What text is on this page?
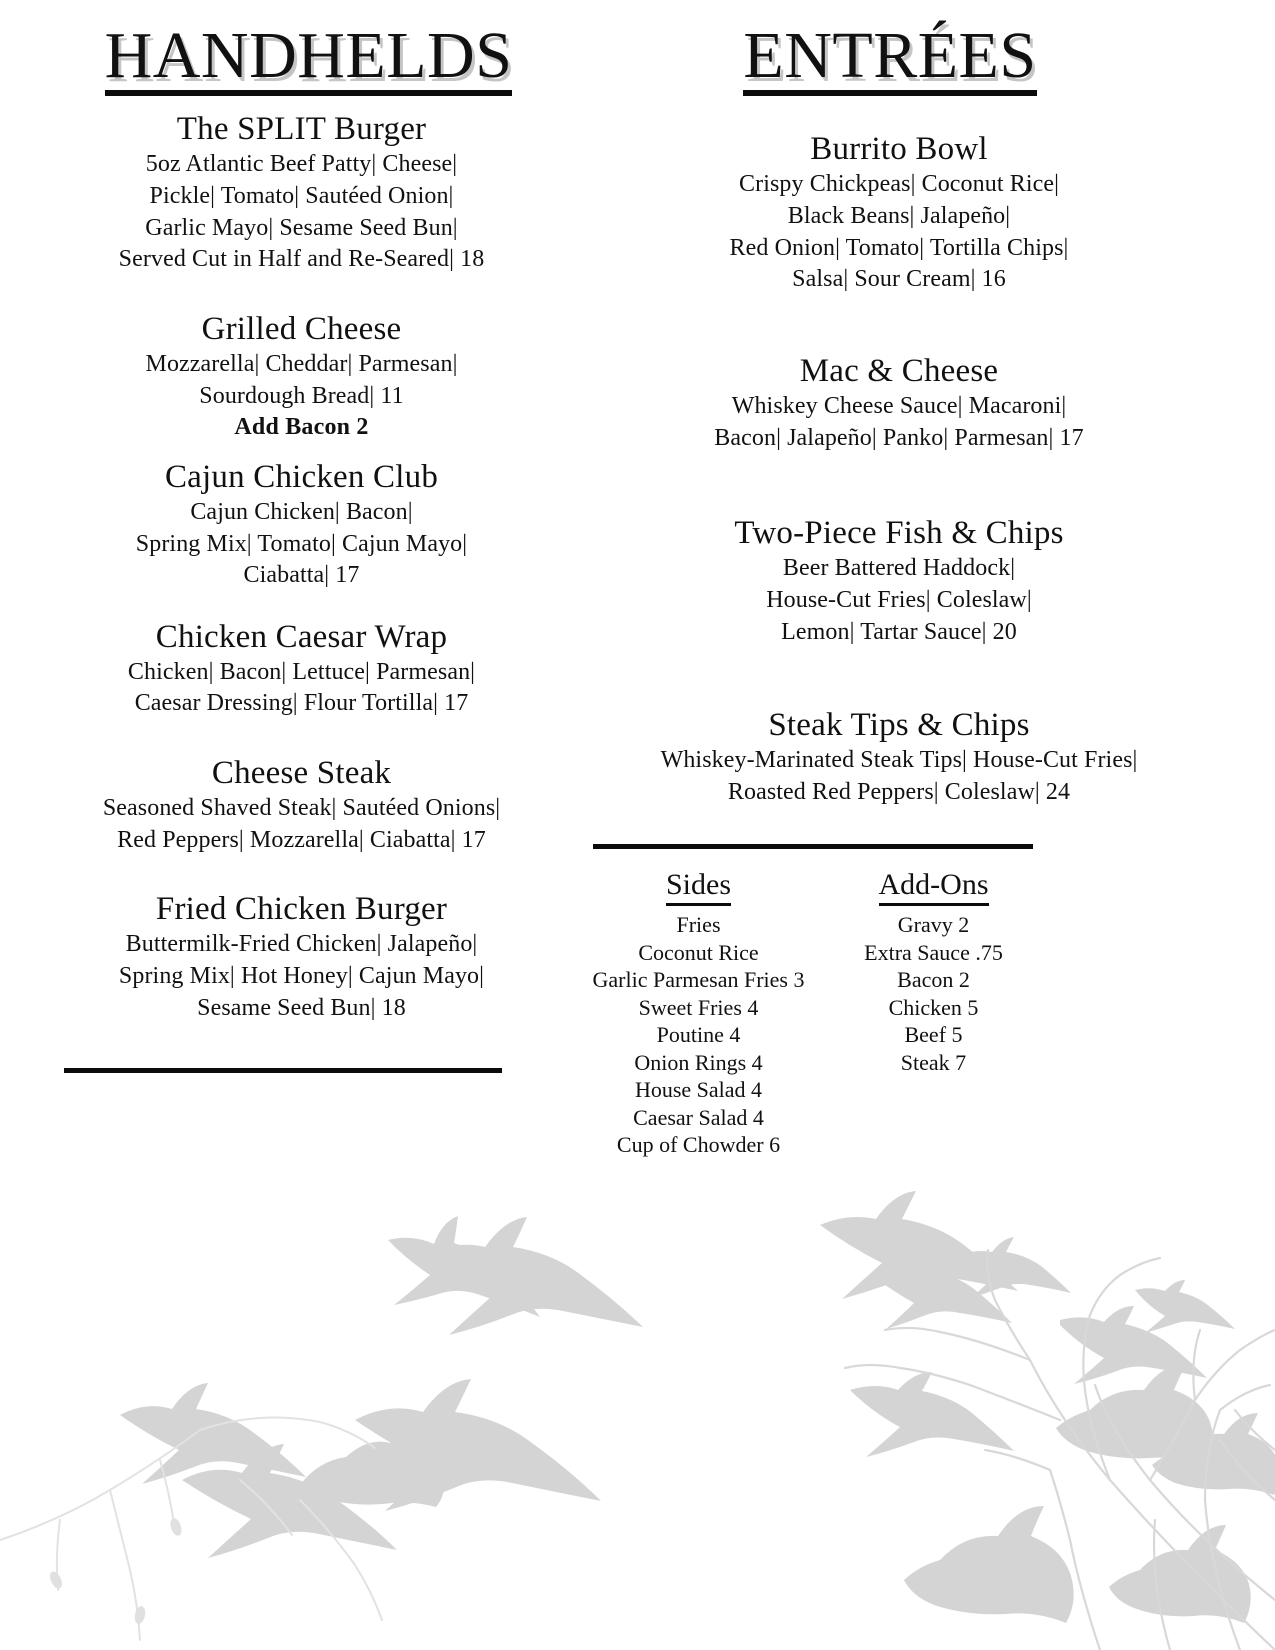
HANDHELDS
The SPLIT Burger
5oz Atlantic Beef Patty| Cheese|
Pickle| Tomato| Sautéed Onion|
Garlic Mayo| Sesame Seed Bun|
Served Cut in Half and Re-Seared| 18
Grilled Cheese
Mozzarella| Cheddar| Parmesan|
Sourdough Bread| 11
Add Bacon 2
Cajun Chicken Club
Cajun Chicken| Bacon|
Spring Mix| Tomato| Cajun Mayo|
Ciabatta| 17
Chicken Caesar Wrap
Chicken| Bacon| Lettuce| Parmesan|
Caesar Dressing| Flour Tortilla| 17
Cheese Steak
Seasoned Shaved Steak| Sautéed Onions|
Red Peppers| Mozzarella| Ciabatta| 17
Fried Chicken Burger
Buttermilk-Fried Chicken| Jalapeño|
Spring Mix| Hot Honey| Cajun Mayo|
Sesame Seed Bun| 18
ENTRÉES
Burrito Bowl
Crispy Chickpeas| Coconut Rice|
Black Beans| Jalapeño|
Red Onion| Tomato| Tortilla Chips|
Salsa| Sour Cream| 16
Mac & Cheese
Whiskey Cheese Sauce| Macaroni|
Bacon| Jalapeño| Panko| Parmesan| 17
Two-Piece Fish & Chips
Beer Battered Haddock|
House-Cut Fries| Coleslaw|
Lemon| Tartar Sauce| 20
Steak Tips & Chips
Whiskey-Marinated Steak Tips| House-Cut Fries|
Roasted Red Peppers| Coleslaw| 24
Sides
Fries
Coconut Rice
Garlic Parmesan Fries 3
Sweet Fries 4
Poutine 4
Onion Rings 4
House Salad 4
Caesar Salad 4
Cup of Chowder 6
Add-Ons
Gravy 2
Extra Sauce .75
Bacon 2
Chicken 5
Beef 5
Steak 7
